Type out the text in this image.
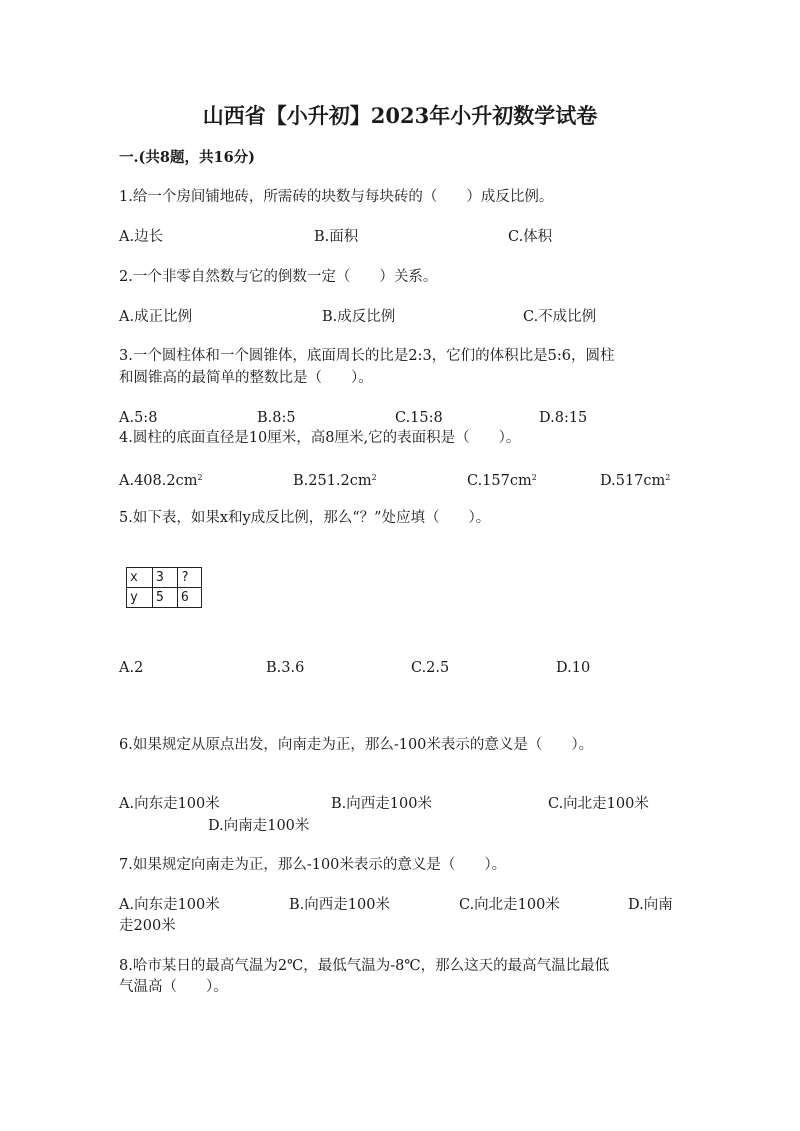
山西省【小升初】2023年小升初数学试卷
一.(共8题，共16分)
1.给一个房间铺地砖，所需砖的块数与每块砖的（　　）成反比例。
A.边长	B.面积	C.体积
2.一个非零自然数与它的倒数一定（　　）关系。
A.成正比例	B.成反比例	C.不成比例
3.一个圆柱体和一个圆锥体，底面周长的比是2:3，它们的体积比是5:6，圆柱
和圆锥高的最简单的整数比是（　　）。
A.5:8	B.8:5	C.15:8	D.8:15
4.圆柱的底面直径是10厘米，高8厘米,它的表面积是（　　）。
$A.408.2cm^2$	$B.251.2cm^2$	$C.157cm^2$	$D.517cm^2$
5.如下表，如果x和y成反比例，那么“？”处应填（　　）。
x	3	?
y	5	6
A.2	B.3.6	C.2.5	D.10
6.如果规定从原点出发，向南走为正，那么-100米表示的意义是（　　）。
A.向东走100米	B.向西走100米	C.向北走100米
D.向南走100米
7.如果规定向南走为正，那么-100米表示的意义是（　　）。
A.向东走100米	B.向西走100米	C.向北走100米	D.向南
走200米
8.哈市某日的最高气温为2℃，最低气温为-8℃，那么这天的最高气温比最低
气温高（　　）。
